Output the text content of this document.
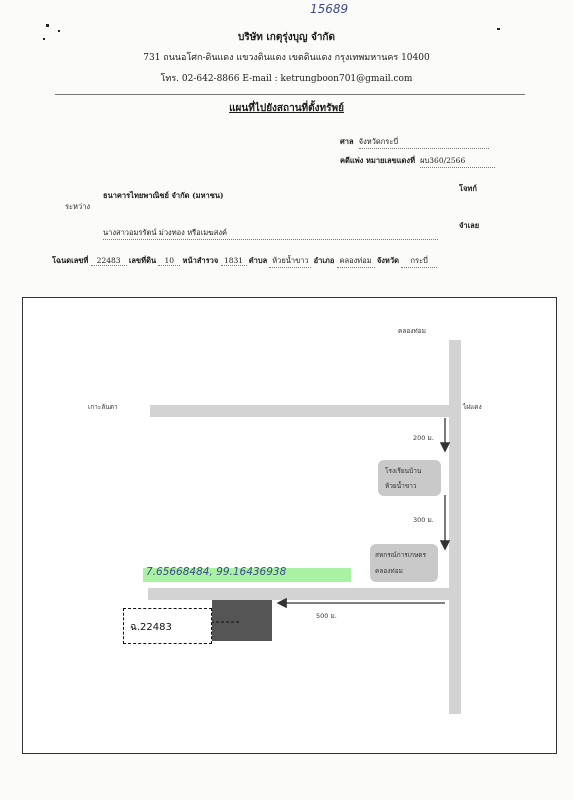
15689
บริษัท เกตุรุ่งบุญ จำกัด
731 ถนนอโศก-ดินแดง แขวงดินแดง เขตดินแดง กรุงเทพมหานคร 10400
โทร. 02-642-8866 E-mail : ketrungboon701@gmail.com
แผนที่ไปยังสถานที่ตั้งทรัพย์
ศาล จังหวัดกระบี่
คดีแพ่ง หมายเลขแดงที่ ผบ360/2566
ธนาคารไทยพาณิชย์ จำกัด (มหาชน)
โจทก์
ระหว่าง
นางสาวอมรรัตน์ ม่วงทอง หรือเมฆสงค์
จำเลย
โฉนดเลขที่ 22483 เลขที่ดิน 10 หน้าสำรวจ 1831 ตำบล ห้วยน้ำขาว อำเภอ คลองท่อม จังหวัด กระบี่
คลองท่อม
เกาะลันตา	ไผ่แดง
200 ม.
300 ม.
500 ม.
โรงเรียนบ้าน
ห้วยน้ำขาว
สหกรณ์การเกษตร
คลองท่อม
7.65668484, 99.16436938
ฉ.22483
